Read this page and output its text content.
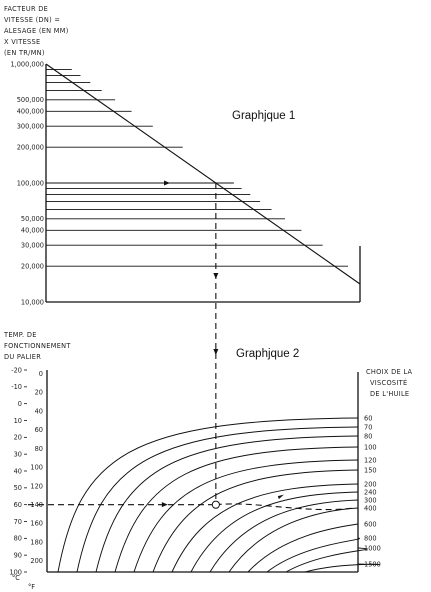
FACTEUR DE
VITESSE (DN) =
ALESAGE (EN MM)
X VITESSE
(EN TR/MN)
Graphjque 1
TEMP. DE
FONCTIONNEMENT
DU PALIER	Graphjque 2
CHOIX DE LA
VISCOSITÉ
DE L'HUILE
°C
°F
1,000,000
500,000
400,000
300,000
200,000
100,000
50,000
40,000
30,000
20,000
10,000
-20
-10
0
10
20
30
40
50
60
70
80
90
100
0
20
40
60
80
100
120
140
160
180
200
60
70
80
100
120
150
200
240
300
400
600
800
1000
1500
